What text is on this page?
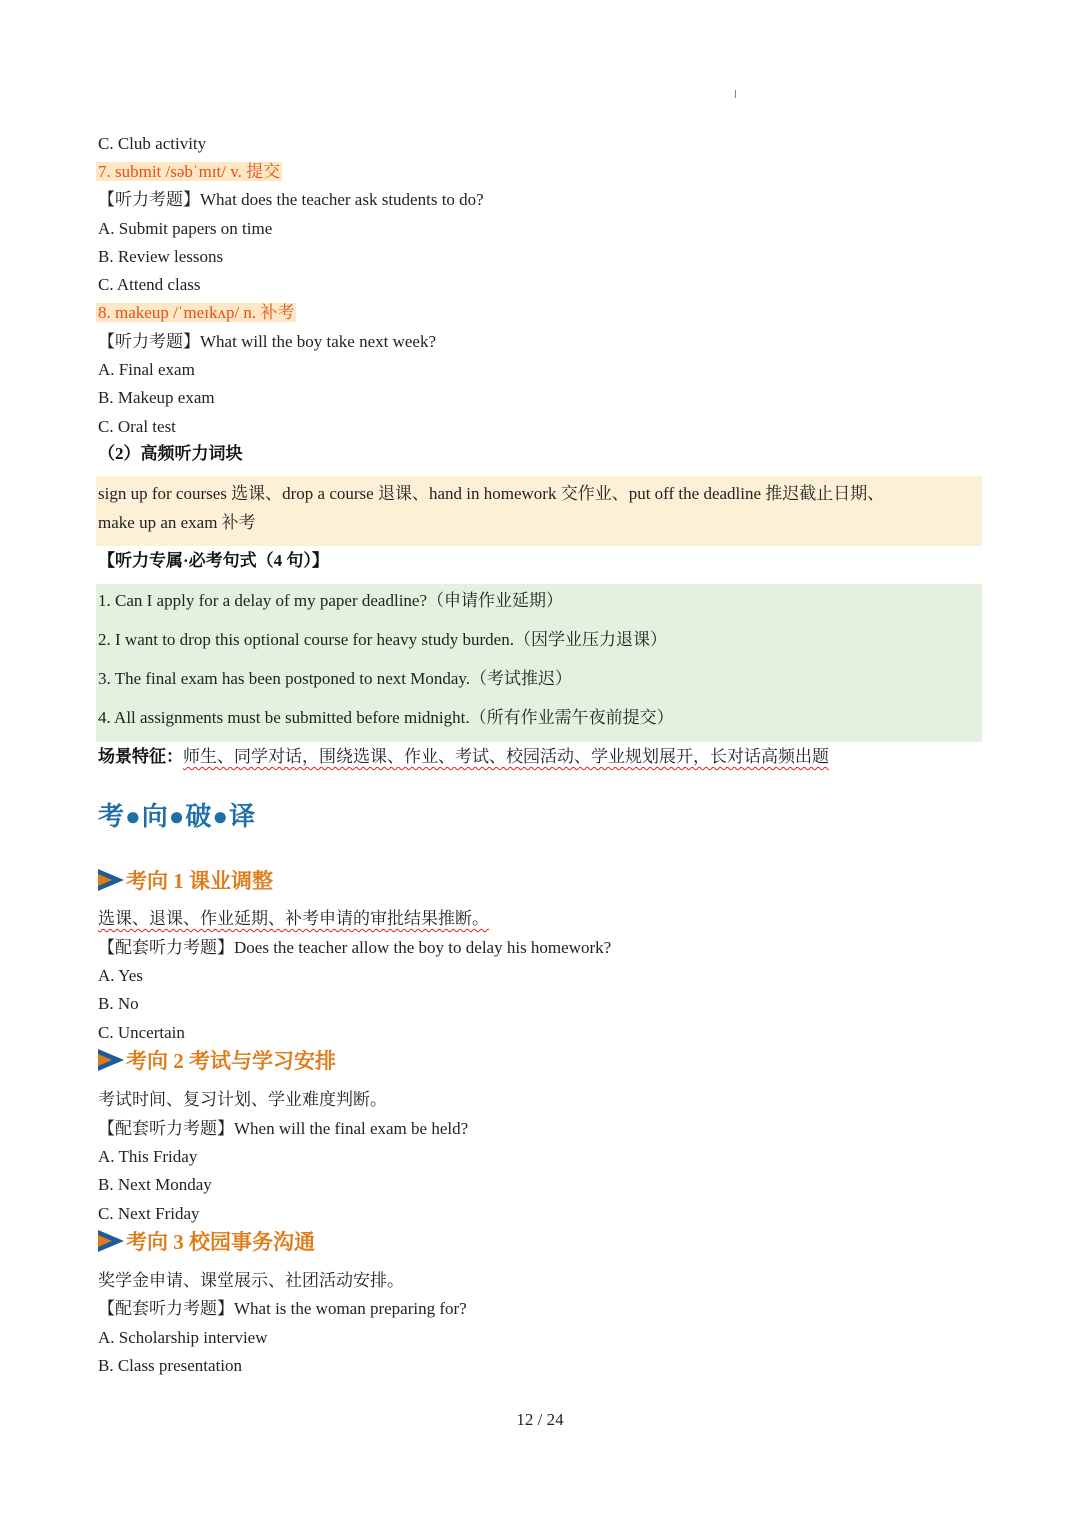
C. Club activity
7. submit /səbˈmɪt/ v. 提交
【听力考题】What does the teacher ask students to do?
A. Submit papers on time
B. Review lessons
C. Attend class
8. makeup /ˈmeɪkʌp/ n. 补考
【听力考题】What will the boy take next week?
A. Final exam
B. Makeup exam
C. Oral test
（2）高频听力词块
sign up for courses 选课、drop a course 退课、hand in homework 交作业、put off the deadline 推迟截止日期、
make up an exam 补考
【听力专属·必考句式（4 句）】
1. Can I apply for a delay of my paper deadline?（申请作业延期）
2. I want to drop this optional course for heavy study burden.（因学业压力退课）
3. The final exam has been postponed to next Monday.（考试推迟）
4. All assignments must be submitted before midnight.（所有作业需午夜前提交）
场景特征：师生、同学对话，围绕选课、作业、考试、校园活动、学业规划展开，长对话高频出题
考●向●破●译
考向 1 课业调整
选课、退课、作业延期、补考申请的审批结果推断。
【配套听力考题】Does the teacher allow the boy to delay his homework?
A. Yes
B. No
C. Uncertain
考向 2 考试与学习安排
考试时间、复习计划、学业难度判断。
【配套听力考题】When will the final exam be held?
A. This Friday
B. Next Monday
C. Next Friday
考向 3 校园事务沟通
奖学金申请、课堂展示、社团活动安排。
【配套听力考题】What is the woman preparing for?
A. Scholarship interview
B. Class presentation
12 / 24
